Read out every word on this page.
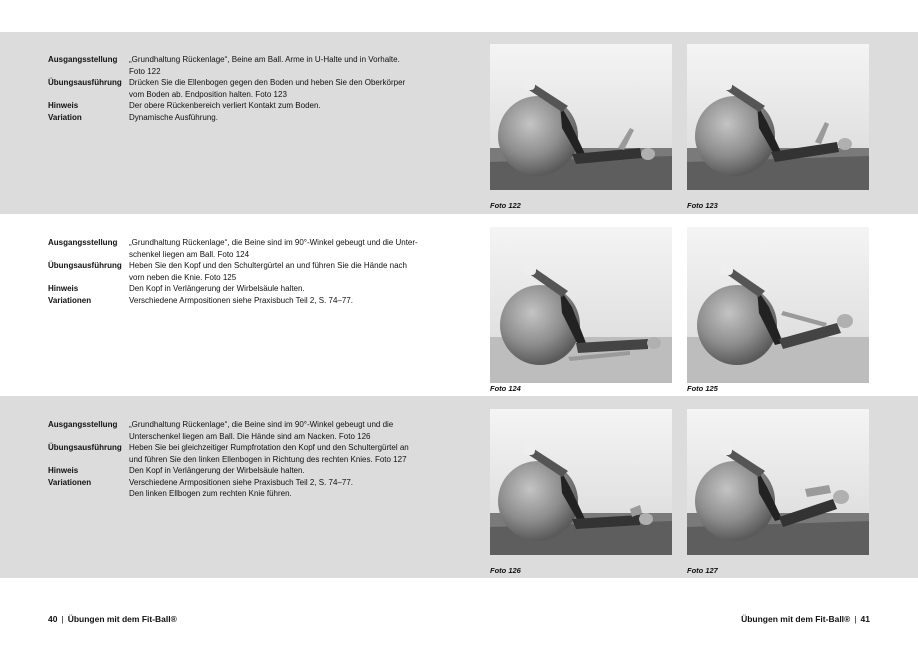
Ausgangsstellung	„Grundhaltung Rückenlage“, Beine am Ball. Arme in U-Halte und in Vorhalte.
Foto 122
Übungsausführung Drücken Sie die Ellenbogen gegen den Boden und heben Sie den Oberkörper
vom Boden ab. Endposition halten. Foto 123
Hinweis	Der obere Rückenbereich verliert Kontakt zum Boden.
Variation	Dynamische Ausführung.
Foto 122	Foto 123
Ausgangsstellung	„Grundhaltung Rückenlage“, die Beine sind im 90°-Winkel gebeugt und die Unter-
schenkel liegen am Ball. Foto 124
Übungsausführung Heben Sie den Kopf und den Schultergürtel an und führen Sie die Hände nach
vorn neben die Knie. Foto 125
Hinweis	Den Kopf in Verlängerung der Wirbelsäule halten.
Variationen	Verschiedene Armpositionen siehe Praxisbuch Teil 2, S. 74–77.
Foto 124	Foto 125
Ausgangsstellung	„Grundhaltung Rückenlage“, die Beine sind im 90°-Winkel gebeugt und die
Unterschenkel liegen am Ball. Die Hände sind am Nacken. Foto 126
Übungsausführung Heben Sie bei gleichzeitiger Rumpfrotation den Kopf und den Schultergürtel an
und führen Sie den linken Ellenbogen in Richtung des rechten Knies. Foto 127
Hinweis	Den Kopf in Verlängerung der Wirbelsäule halten.
Variationen	Verschiedene Armpositionen siehe Praxisbuch Teil 2, S. 74–77.
Den linken Ellbogen zum rechten Knie führen.
Foto 126	Foto 127
40 | Übungen mit dem Fit-Ball®	Übungen mit dem Fit-Ball® | 41
